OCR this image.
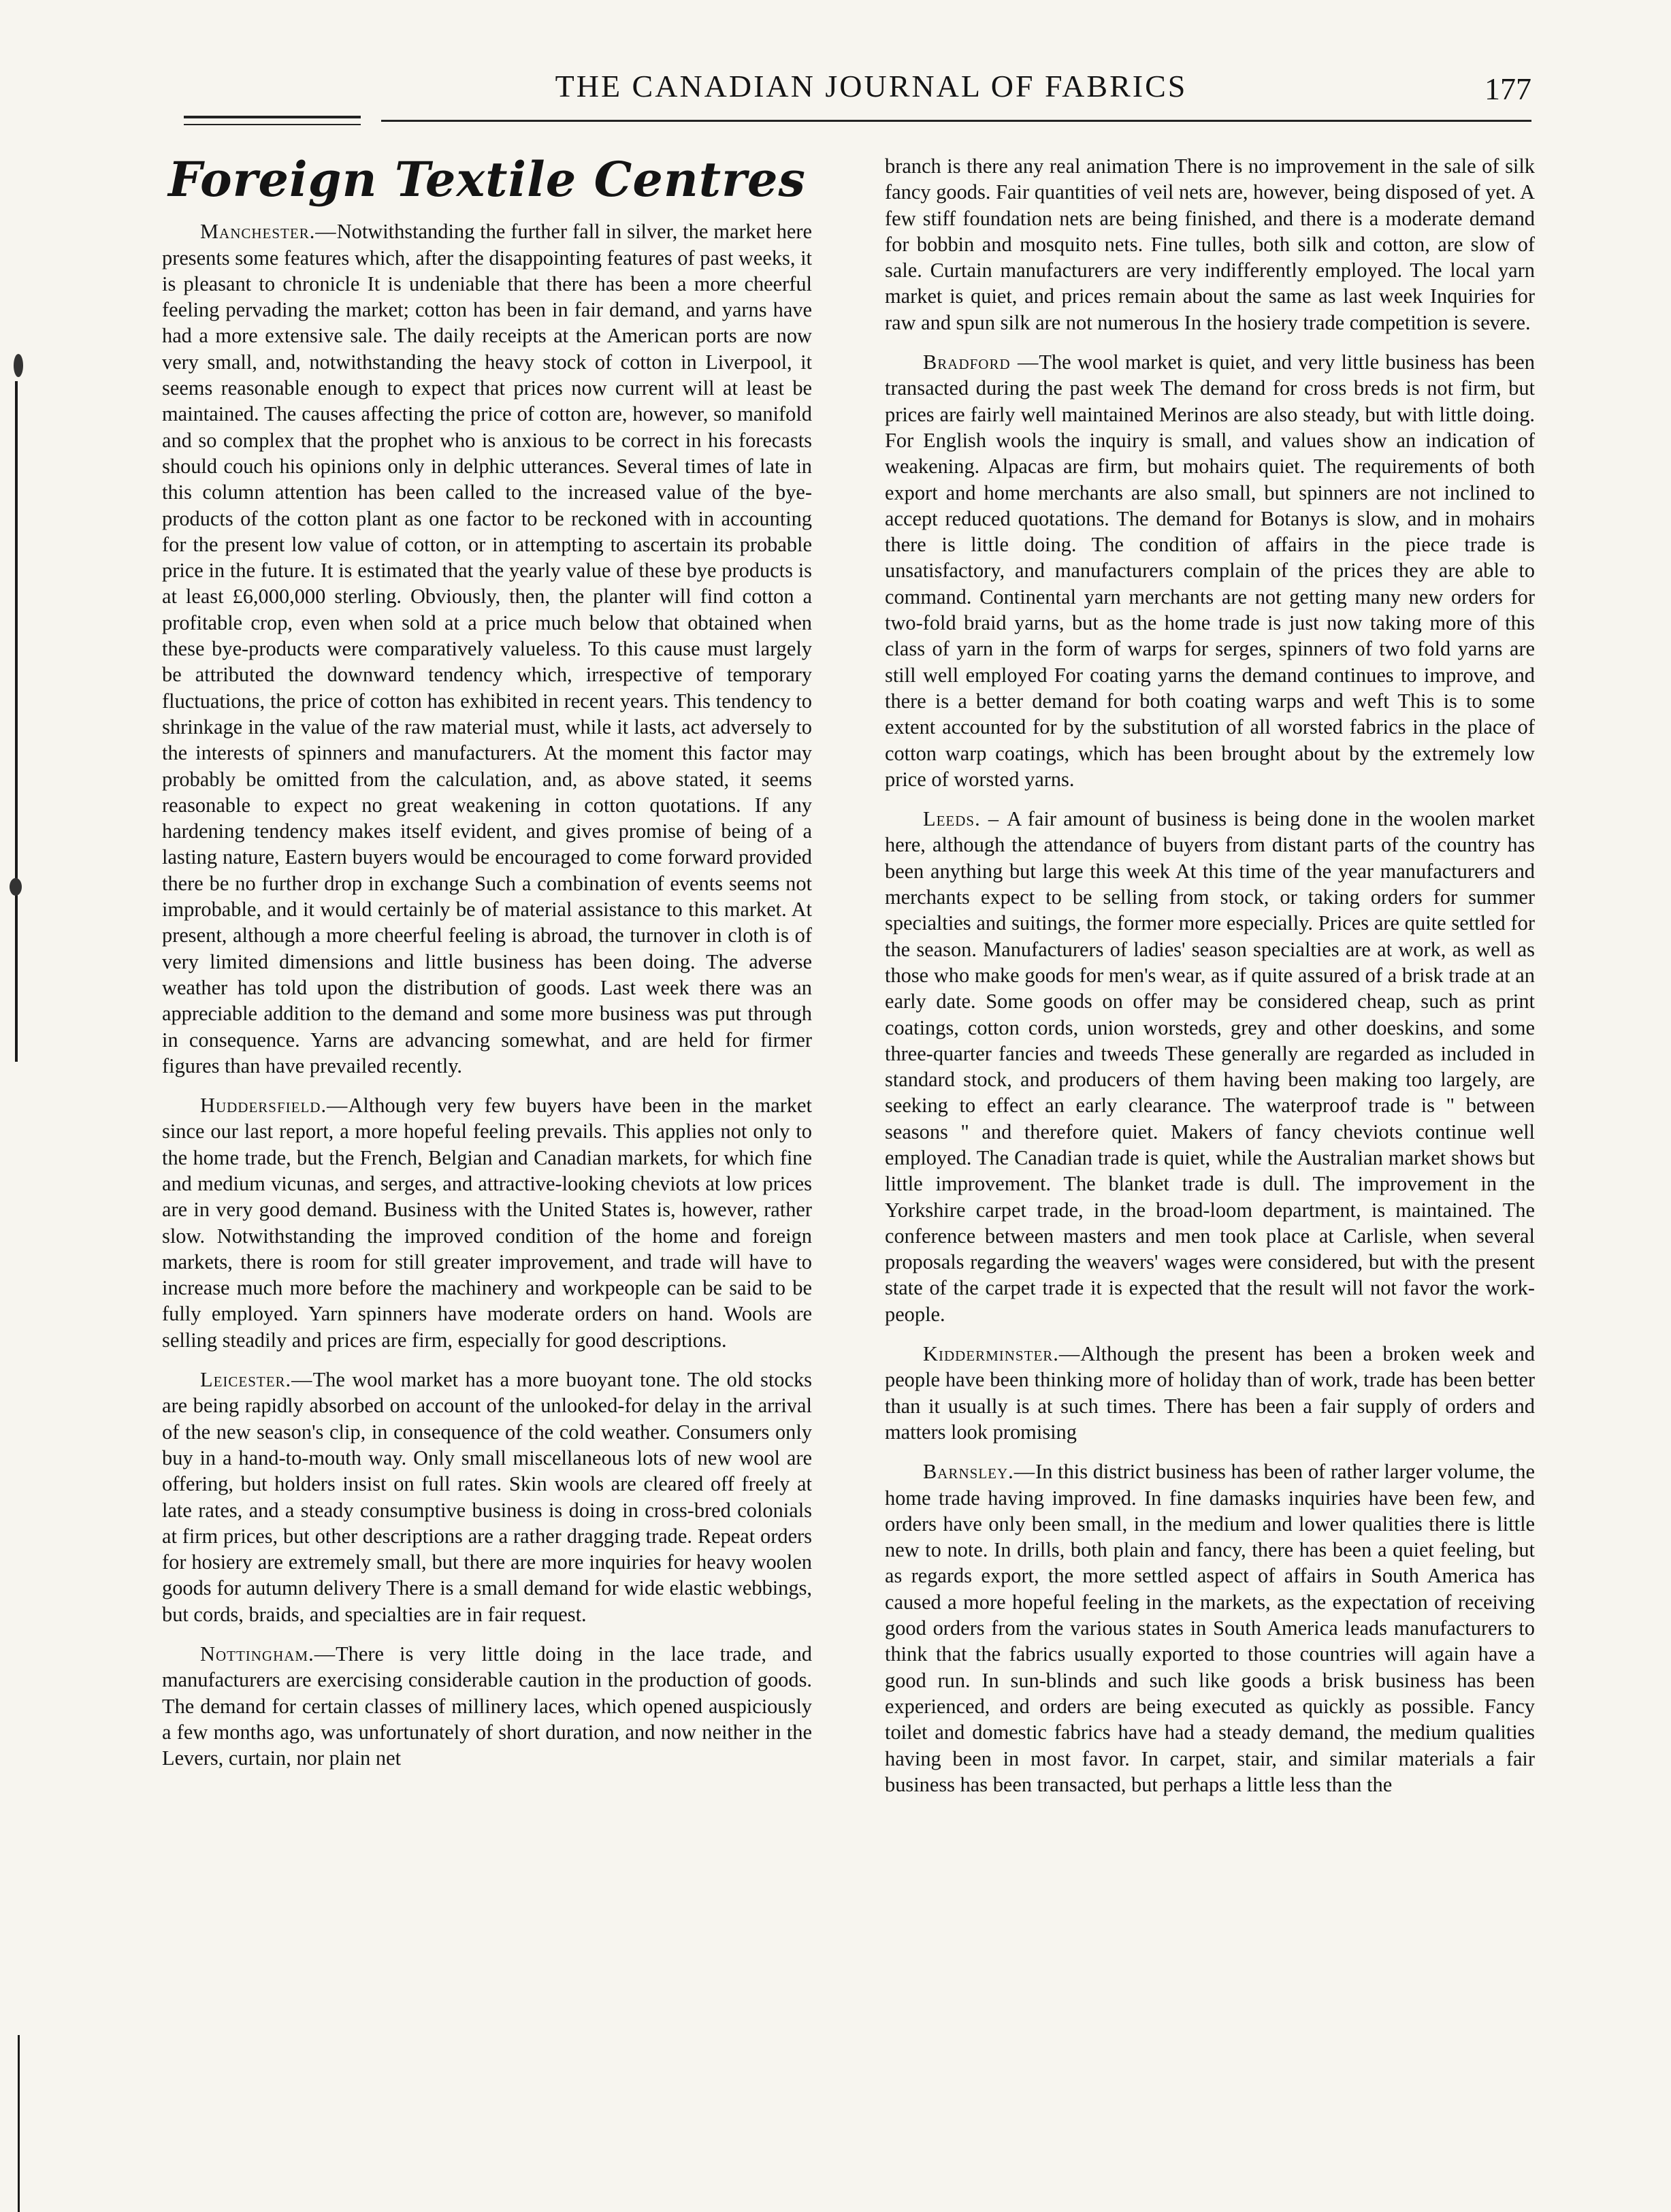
THE CANADIAN JOURNAL OF FABRICS	177
Foreign Textile Centres

Manchester.—Notwithstanding the further fall in silver, the market here presents some features which, after the disappointing features of past weeks, it is pleasant to chronicle It is undeniable that there has been a more cheerful feeling pervading the market; cotton has been in fair demand, and yarns have had a more extensive sale. The daily receipts at the American ports are now very small, and, notwithstanding the heavy stock of cotton in Liverpool, it seems reasonable enough to expect that prices now current will at least be maintained. The causes affecting the price of cotton are, however, so manifold and so complex that the prophet who is anxious to be correct in his forecasts should couch his opinions only in delphic utterances. Several times of late in this column attention has been called to the increased value of the bye-products of the cotton plant as one factor to be reckoned with in accounting for the present low value of cotton, or in attempting to ascertain its probable price in the future. It is estimated that the yearly value of these bye products is at least £6,000,000 sterling. Obviously, then, the planter will find cotton a profitable crop, even when sold at a price much below that obtained when these bye-products were comparatively valueless. To this cause must largely be attributed the downward tendency which, irrespective of temporary fluctuations, the price of cotton has exhibited in recent years. This tendency to shrinkage in the value of the raw material must, while it lasts, act adversely to the interests of spinners and manufacturers. At the moment this factor may probably be omitted from the calculation, and, as above stated, it seems reasonable to expect no great weakening in cotton quotations. If any hardening tendency makes itself evident, and gives promise of being of a lasting nature, Eastern buyers would be encouraged to come forward provided there be no further drop in exchange Such a combination of events seems not improbable, and it would certainly be of material assistance to this market. At present, although a more cheerful feeling is abroad, the turnover in cloth is of very limited dimensions and little business has been doing. The adverse weather has told upon the distribution of goods. Last week there was an appreciable addition to the demand and some more business was put through in consequence. Yarns are advancing somewhat, and are held for firmer figures than have prevailed recently.

Huddersfield.—Although very few buyers have been in the market since our last report, a more hopeful feeling prevails. This applies not only to the home trade, but the French, Belgian and Canadian markets, for which fine and medium vicunas, and serges, and attractive-looking cheviots at low prices are in very good demand. Business with the United States is, however, rather slow. Notwithstanding the improved condition of the home and foreign markets, there is room for still greater improvement, and trade will have to increase much more before the machinery and workpeople can be said to be fully employed. Yarn spinners have moderate orders on hand. Wools are selling steadily and prices are firm, especially for good descriptions.

Leicester.—The wool market has a more buoyant tone. The old stocks are being rapidly absorbed on account of the unlooked-for delay in the arrival of the new season's clip, in consequence of the cold weather. Consumers only buy in a hand-to-mouth way. Only small miscellaneous lots of new wool are offering, but holders insist on full rates. Skin wools are cleared off freely at late rates, and a steady consumptive business is doing in cross-bred colonials at firm prices, but other descriptions are a rather dragging trade. Repeat orders for hosiery are extremely small, but there are more inquiries for heavy woolen goods for autumn delivery There is a small demand for wide elastic webbings, but cords, braids, and specialties are in fair request.

Nottingham.—There is very little doing in the lace trade, and manufacturers are exercising considerable caution in the production of goods. The demand for certain classes of millinery laces, which opened auspiciously a few months ago, was unfortunately of short duration, and now neither in the Levers, curtain, nor plain net

branch is there any real animation There is no improvement in the sale of silk fancy goods. Fair quantities of veil nets are, however, being disposed of yet. A few stiff foundation nets are being finished, and there is a moderate demand for bobbin and mosquito nets. Fine tulles, both silk and cotton, are slow of sale. Curtain manufacturers are very indifferently employed. The local yarn market is quiet, and prices remain about the same as last week Inquiries for raw and spun silk are not numerous In the hosiery trade competition is severe.

Bradford —The wool market is quiet, and very little business has been transacted during the past week The demand for cross breds is not firm, but prices are fairly well maintained Merinos are also steady, but with little doing. For English wools the inquiry is small, and values show an indication of weakening. Alpacas are firm, but mohairs quiet. The requirements of both export and home merchants are also small, but spinners are not inclined to accept reduced quotations. The demand for Botanys is slow, and in mohairs there is little doing. The condition of affairs in the piece trade is unsatisfactory, and manufacturers complain of the prices they are able to command. Continental yarn merchants are not getting many new orders for two-fold braid yarns, but as the home trade is just now taking more of this class of yarn in the form of warps for serges, spinners of two fold yarns are still well employed For coating yarns the demand continues to improve, and there is a better demand for both coating warps and weft This is to some extent accounted for by the substitution of all worsted fabrics in the place of cotton warp coatings, which has been brought about by the extremely low price of worsted yarns.

Leeds. – A fair amount of business is being done in the woolen market here, although the attendance of buyers from distant parts of the country has been anything but large this week At this time of the year manufacturers and merchants expect to be selling from stock, or taking orders for summer specialties and suitings, the former more especially. Prices are quite settled for the season. Manufacturers of ladies' season specialties are at work, as well as those who make goods for men's wear, as if quite assured of a brisk trade at an early date. Some goods on offer may be considered cheap, such as print coatings, cotton cords, union worsteds, grey and other doeskins, and some three-quarter fancies and tweeds These generally are regarded as included in standard stock, and producers of them having been making too largely, are seeking to effect an early clearance. The waterproof trade is " between seasons " and therefore quiet. Makers of fancy cheviots continue well employed. The Canadian trade is quiet, while the Australian market shows but little improvement. The blanket trade is dull. The improvement in the Yorkshire carpet trade, in the broad-loom department, is maintained. The conference between masters and men took place at Carlisle, when several proposals regarding the weavers' wages were considered, but with the present state of the carpet trade it is expected that the result will not favor the work-people.

Kidderminster.—Although the present has been a broken week and people have been thinking more of holiday than of work, trade has been better than it usually is at such times. There has been a fair supply of orders and matters look promising

Barnsley.—In this district business has been of rather larger volume, the home trade having improved. In fine damasks inquiries have been few, and orders have only been small, in the medium and lower qualities there is little new to note. In drills, both plain and fancy, there has been a quiet feeling, but as regards export, the more settled aspect of affairs in South America has caused a more hopeful feeling in the markets, as the expectation of receiving good orders from the various states in South America leads manufacturers to think that the fabrics usually exported to those countries will again have a good run. In sun-blinds and such like goods a brisk business has been experienced, and orders are being executed as quickly as possible. Fancy toilet and domestic fabrics have had a steady demand, the medium qualities having been in most favor. In carpet, stair, and similar materials a fair business has been transacted, but perhaps a little less than the
